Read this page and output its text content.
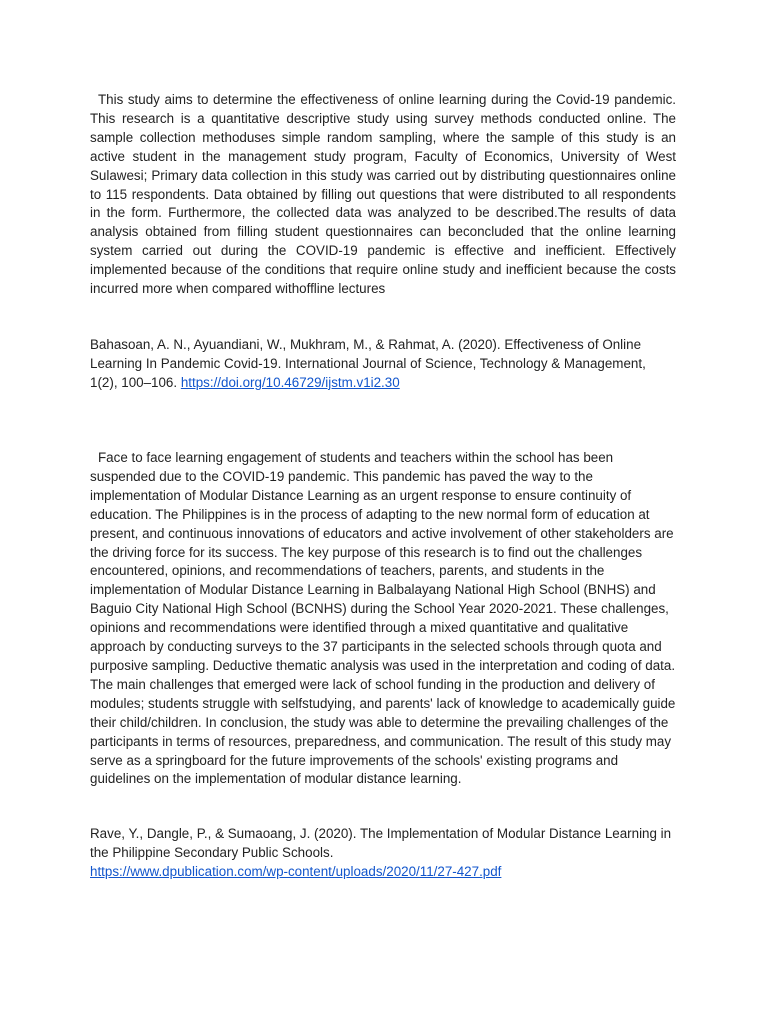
This study aims to determine the effectiveness of online learning during the Covid-19 pandemic. This research is a quantitative descriptive study using survey methods conducted online. The sample collection methoduses simple random sampling, where the sample of this study is an active student in the management study program, Faculty of Economics, University of West Sulawesi; Primary data collection in this study was carried out by distributing questionnaires online to 115 respondents. Data obtained by filling out questions that were distributed to all respondents in the form. Furthermore, the collected data was analyzed to be described.The results of data analysis obtained from filling student questionnaires can beconcluded that the online learning system carried out during the COVID-19 pandemic is effective and inefficient. Effectively implemented because of the conditions that require online study and inefficient because the costs incurred more when compared withoffline lectures

Bahasoan, A. N., Ayuandiani, W., Mukhram, M., & Rahmat, A. (2020). Effectiveness of Online Learning In Pandemic Covid-19. International Journal of Science, Technology & Management, 1(2), 100–106. https://doi.org/10.46729/ijstm.v1i2.30

Face to face learning engagement of students and teachers within the school has been suspended due to the COVID-19 pandemic. This pandemic has paved the way to the implementation of Modular Distance Learning as an urgent response to ensure continuity of education. The Philippines is in the process of adapting to the new normal form of education at present, and continuous innovations of educators and active involvement of other stakeholders are the driving force for its success. The key purpose of this research is to find out the challenges encountered, opinions, and recommendations of teachers, parents, and students in the implementation of Modular Distance Learning in Balbalayang National High School (BNHS) and Baguio City National High School (BCNHS) during the School Year 2020-2021. These challenges, opinions and recommendations were identified through a mixed quantitative and qualitative approach by conducting surveys to the 37 participants in the selected schools through quota and purposive sampling. Deductive thematic analysis was used in the interpretation and coding of data. The main challenges that emerged were lack of school funding in the production and delivery of modules; students struggle with selfstudying, and parents' lack of knowledge to academically guide their child/children. In conclusion, the study was able to determine the prevailing challenges of the participants in terms of resources, preparedness, and communication. The result of this study may serve as a springboard for the future improvements of the schools' existing programs and guidelines on the implementation of modular distance learning.

Rave, Y., Dangle, P., & Sumaoang, J. (2020). The Implementation of Modular Distance Learning in the Philippine Secondary Public Schools.
https://www.dpublication.com/wp-content/uploads/2020/11/27-427.pdf
